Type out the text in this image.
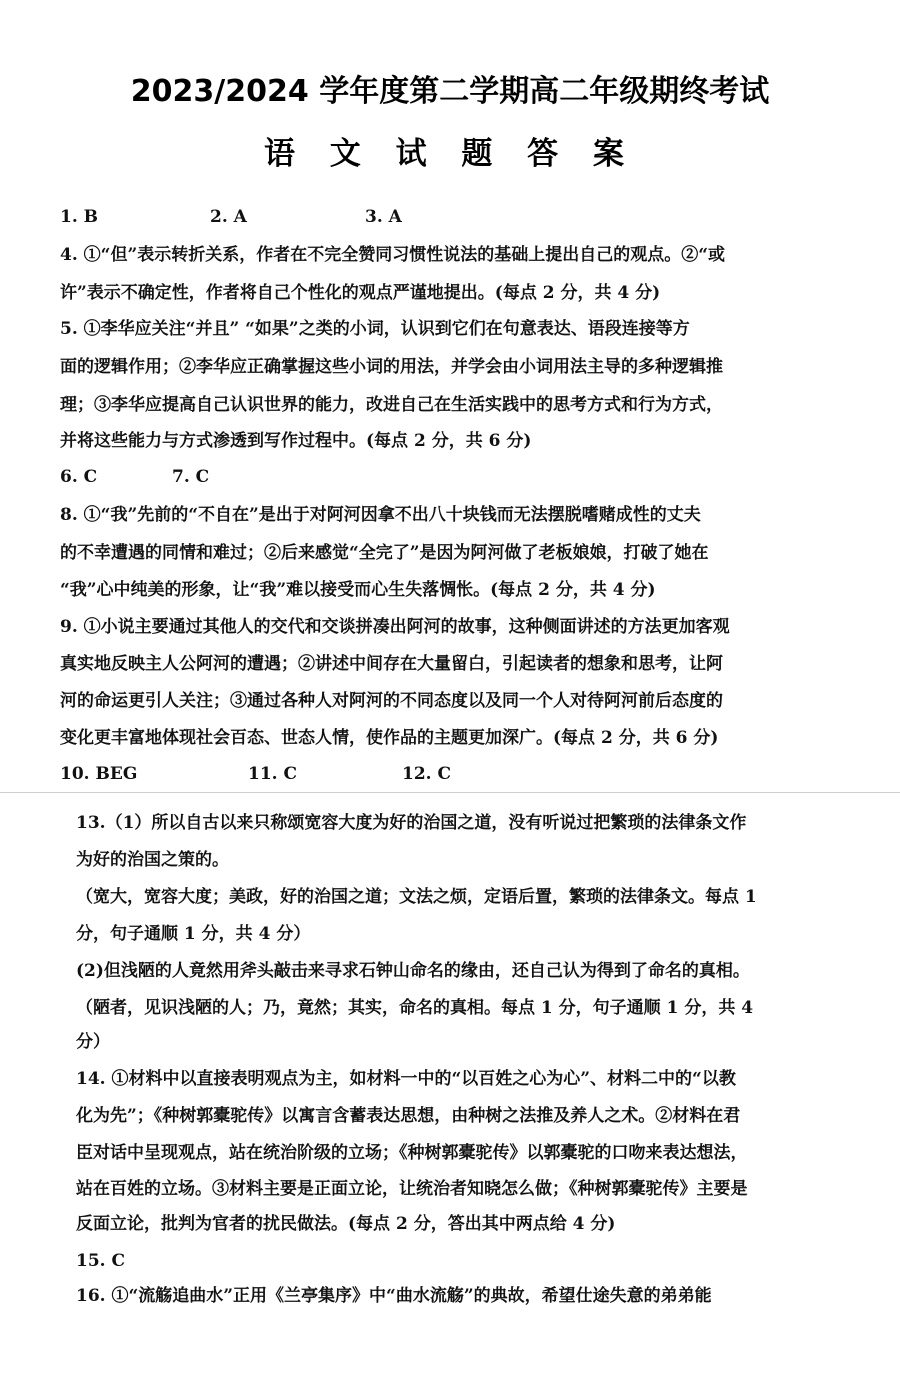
2023/2024 学年度第二学期高二年级期终考试
语 文 试 题 答 案
1. B	2. A	3. A
4. ①“但”表示转折关系，作者在不完全赞同习惯性说法的基础上提出自己的观点。②“或
许”表示不确定性，作者将自己个性化的观点严谨地提出。(每点 2 分，共 4 分)
5. ①李华应关注“并且” “如果”之类的小词，认识到它们在句意表达、语段连接等方
面的逻辑作用；②李华应正确掌握这些小词的用法，并学会由小词用法主导的多种逻辑推
理；③李华应提高自己认识世界的能力，改进自己在生活实践中的思考方式和行为方式，
并将这些能力与方式渗透到写作过程中。(每点 2 分，共 6 分)
6. C	7. C
8. ①“我”先前的“不自在”是出于对阿河因拿不出八十块钱而无法摆脱嗜赌成性的丈夫
的不幸遭遇的同情和难过；②后来感觉“全完了”是因为阿河做了老板娘娘，打破了她在
“我”心中纯美的形象，让“我”难以接受而心生失落惆怅。(每点 2 分，共 4 分)
9. ①小说主要通过其他人的交代和交谈拼凑出阿河的故事，这种侧面讲述的方法更加客观
真实地反映主人公阿河的遭遇；②讲述中间存在大量留白，引起读者的想象和思考，让阿
河的命运更引人关注；③通过各种人对阿河的不同态度以及同一个人对待阿河前后态度的
变化更丰富地体现社会百态、世态人情，使作品的主题更加深广。(每点 2 分，共 6 分)
10. BEG	11. C	12. C
13.（1）所以自古以来只称颂宽容大度为好的治国之道，没有听说过把繁琐的法律条文作
为好的治国之策的。
（宽大，宽容大度；美政，好的治国之道；文法之烦，定语后置，繁琐的法律条文。每点 1
分，句子通顺 1 分，共 4 分）
(2)但浅陋的人竟然用斧头敲击来寻求石钟山命名的缘由，还自己认为得到了命名的真相。
（陋者，见识浅陋的人；乃，竟然；其实，命名的真相。每点 1 分，句子通顺 1 分，共 4
分）
14. ①材料中以直接表明观点为主，如材料一中的“以百姓之心为心”、材料二中的“以教
化为先”；《种树郭橐驼传》以寓言含蓄表达思想，由种树之法推及养人之术。②材料在君
臣对话中呈现观点，站在统治阶级的立场；《种树郭橐驼传》以郭橐驼的口吻来表达想法，
站在百姓的立场。③材料主要是正面立论，让统治者知晓怎么做；《种树郭橐驼传》主要是
反面立论，批判为官者的扰民做法。(每点 2 分，答出其中两点给 4 分)
15. C
16. ①“流觞追曲水”正用《兰亭集序》中“曲水流觞”的典故，希望仕途失意的弟弟能
